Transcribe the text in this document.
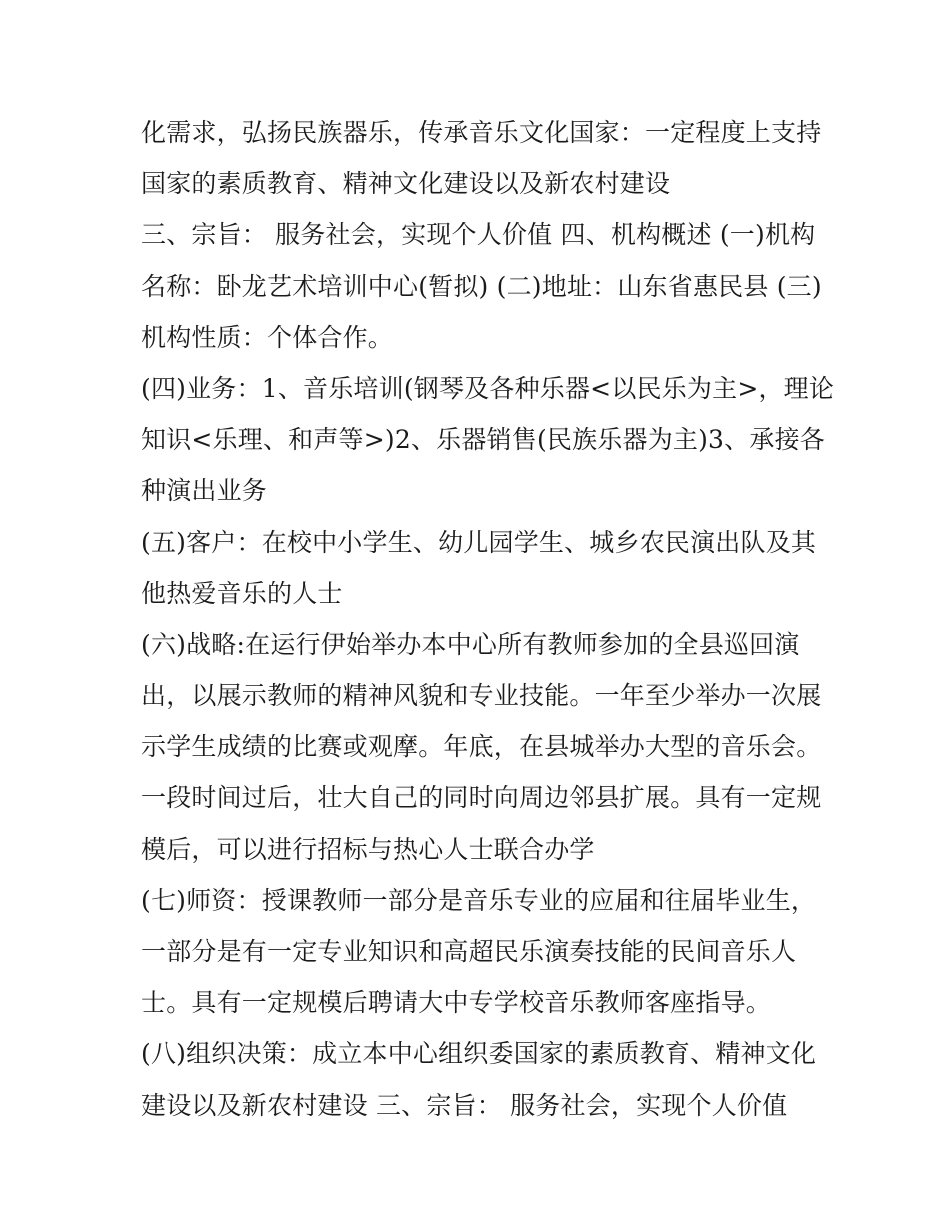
化需求，弘扬民族器乐，传承音乐文化国家：一定程度上支持
国家的素质教育、精神文化建设以及新农村建设
三、宗旨： 服务社会，实现个人价值 四、机构概述 (一)机构
名称：卧龙艺术培训中心(暂拟) (二)地址：山东省惠民县 (三)
机构性质：个体合作。
(四)业务：1、音乐培训(钢琴及各种乐器<以民乐为主>，理论
知识<乐理、和声等>)2、乐器销售(民族乐器为主)3、承接各
种演出业务
(五)客户：在校中小学生、幼儿园学生、城乡农民演出队及其
他热爱音乐的人士
(六)战略:在运行伊始举办本中心所有教师参加的全县巡回演
出，以展示教师的精神风貌和专业技能。一年至少举办一次展
示学生成绩的比赛或观摩。年底，在县城举办大型的音乐会。
一段时间过后，壮大自己的同时向周边邻县扩展。具有一定规
模后，可以进行招标与热心人士联合办学
(七)师资：授课教师一部分是音乐专业的应届和往届毕业生，
一部分是有一定专业知识和高超民乐演奏技能的民间音乐人
士。具有一定规模后聘请大中专学校音乐教师客座指导。
(八)组织决策：成立本中心组织委国家的素质教育、精神文化
建设以及新农村建设 三、宗旨： 服务社会，实现个人价值
